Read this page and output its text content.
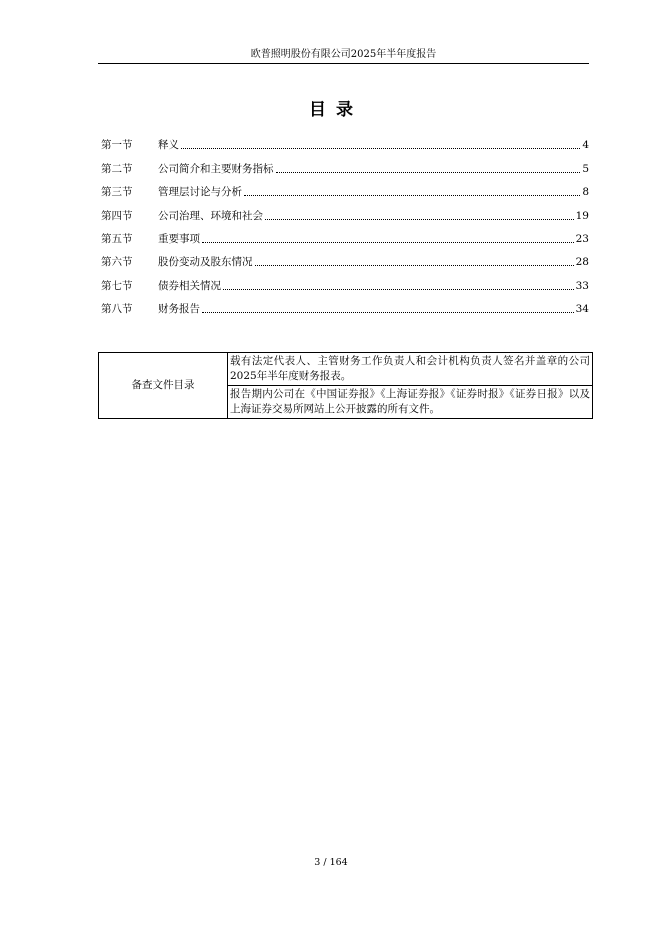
欧普照明股份有限公司2025年半年度报告
目录
第一节	释义	4
第二节	公司简介和主要财务指标	5
第三节	管理层讨论与分析	8
第四节	公司治理、环境和社会	19
第五节	重要事项	23
第六节	股份变动及股东情况	28
第七节	债券相关情况	33
第八节	财务报告	34
备查文件目录	载有法定代表人、主管财务工作负责人和会计机构负责人签名并盖章的公司2025年半年度财务报表。
报告期内公司在《中国证券报》《上海证券报》《证券时报》《证券日报》以及上海证券交易所网站上公开披露的所有文件。
3 / 164
